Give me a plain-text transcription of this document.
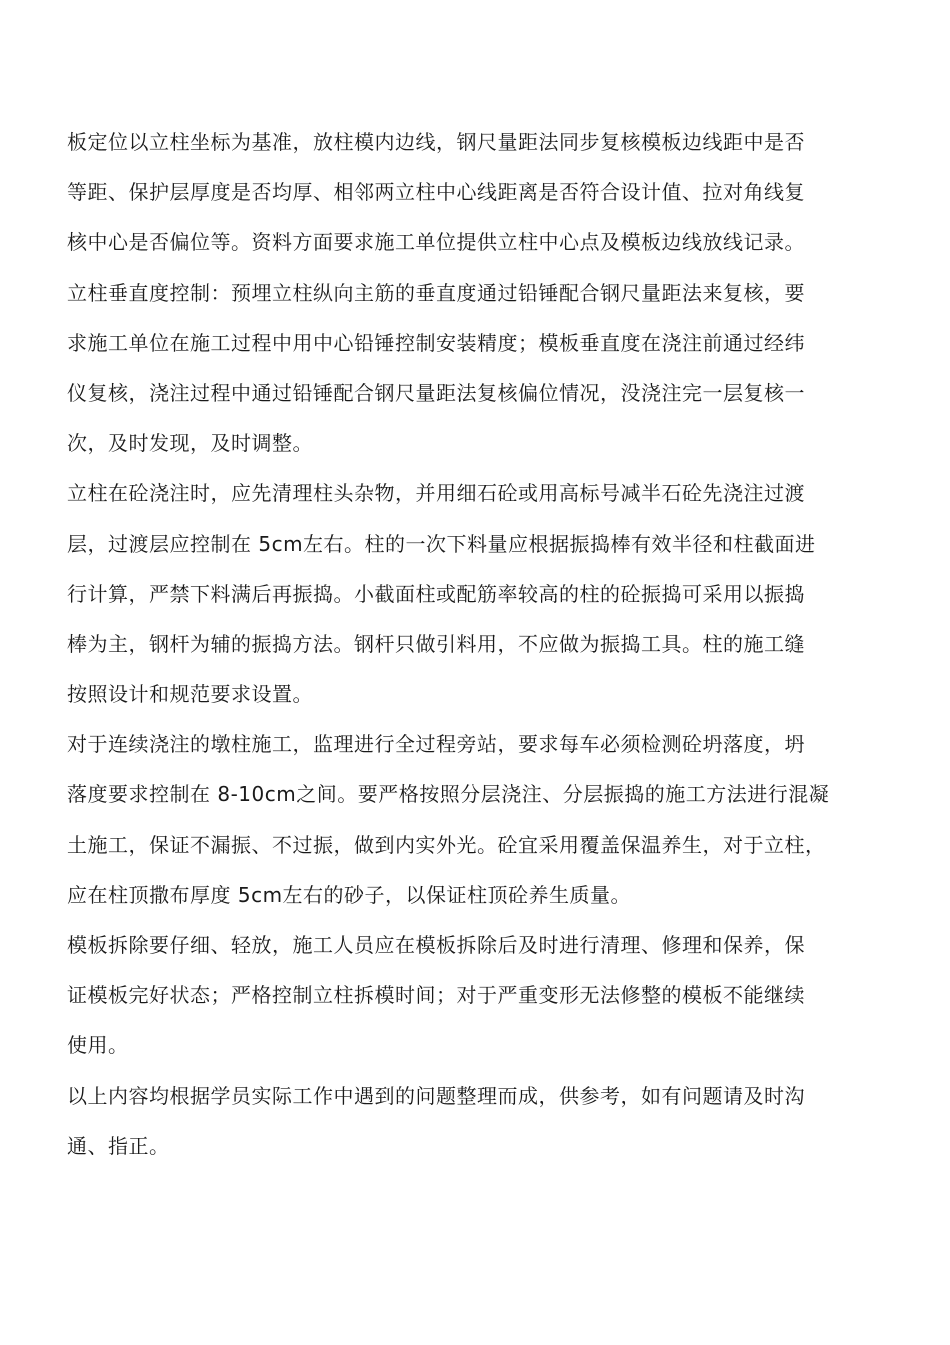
板定位以立柱坐标为基准，放柱模内边线，钢尺量距法同步复核模板边线距中是否
等距、保护层厚度是否均厚、相邻两立柱中心线距离是否符合设计值、拉对角线复
核中心是否偏位等。资料方面要求施工单位提供立柱中心点及模板边线放线记录。
立柱垂直度控制：预埋立柱纵向主筋的垂直度通过铅锤配合钢尺量距法来复核，要
求施工单位在施工过程中用中心铅锤控制安装精度；模板垂直度在浇注前通过经纬
仪复核，浇注过程中通过铅锤配合钢尺量距法复核偏位情况，没浇注完一层复核一
次，及时发现，及时调整。
立柱在砼浇注时，应先清理柱头杂物，并用细石砼或用高标号减半石砼先浇注过渡
层，过渡层应控制在 5cm左右。柱的一次下料量应根据振捣棒有效半径和柱截面进
行计算，严禁下料满后再振捣。小截面柱或配筋率较高的柱的砼振捣可采用以振捣
棒为主，钢杆为辅的振捣方法。钢杆只做引料用，不应做为振捣工具。柱的施工缝
按照设计和规范要求设置。
对于连续浇注的墩柱施工，监理进行全过程旁站，要求每车必须检测砼坍落度，坍
落度要求控制在 8-10cm之间。要严格按照分层浇注、分层振捣的施工方法进行混凝
土施工，保证不漏振、不过振，做到内实外光。砼宜采用覆盖保温养生，对于立柱，
应在柱顶撒布厚度 5cm左右的砂子，以保证柱顶砼养生质量。
模板拆除要仔细、轻放，施工人员应在模板拆除后及时进行清理、修理和保养，保
证模板完好状态；严格控制立柱拆模时间；对于严重变形无法修整的模板不能继续
使用。
以上内容均根据学员实际工作中遇到的问题整理而成，供参考，如有问题请及时沟
通、指正。
